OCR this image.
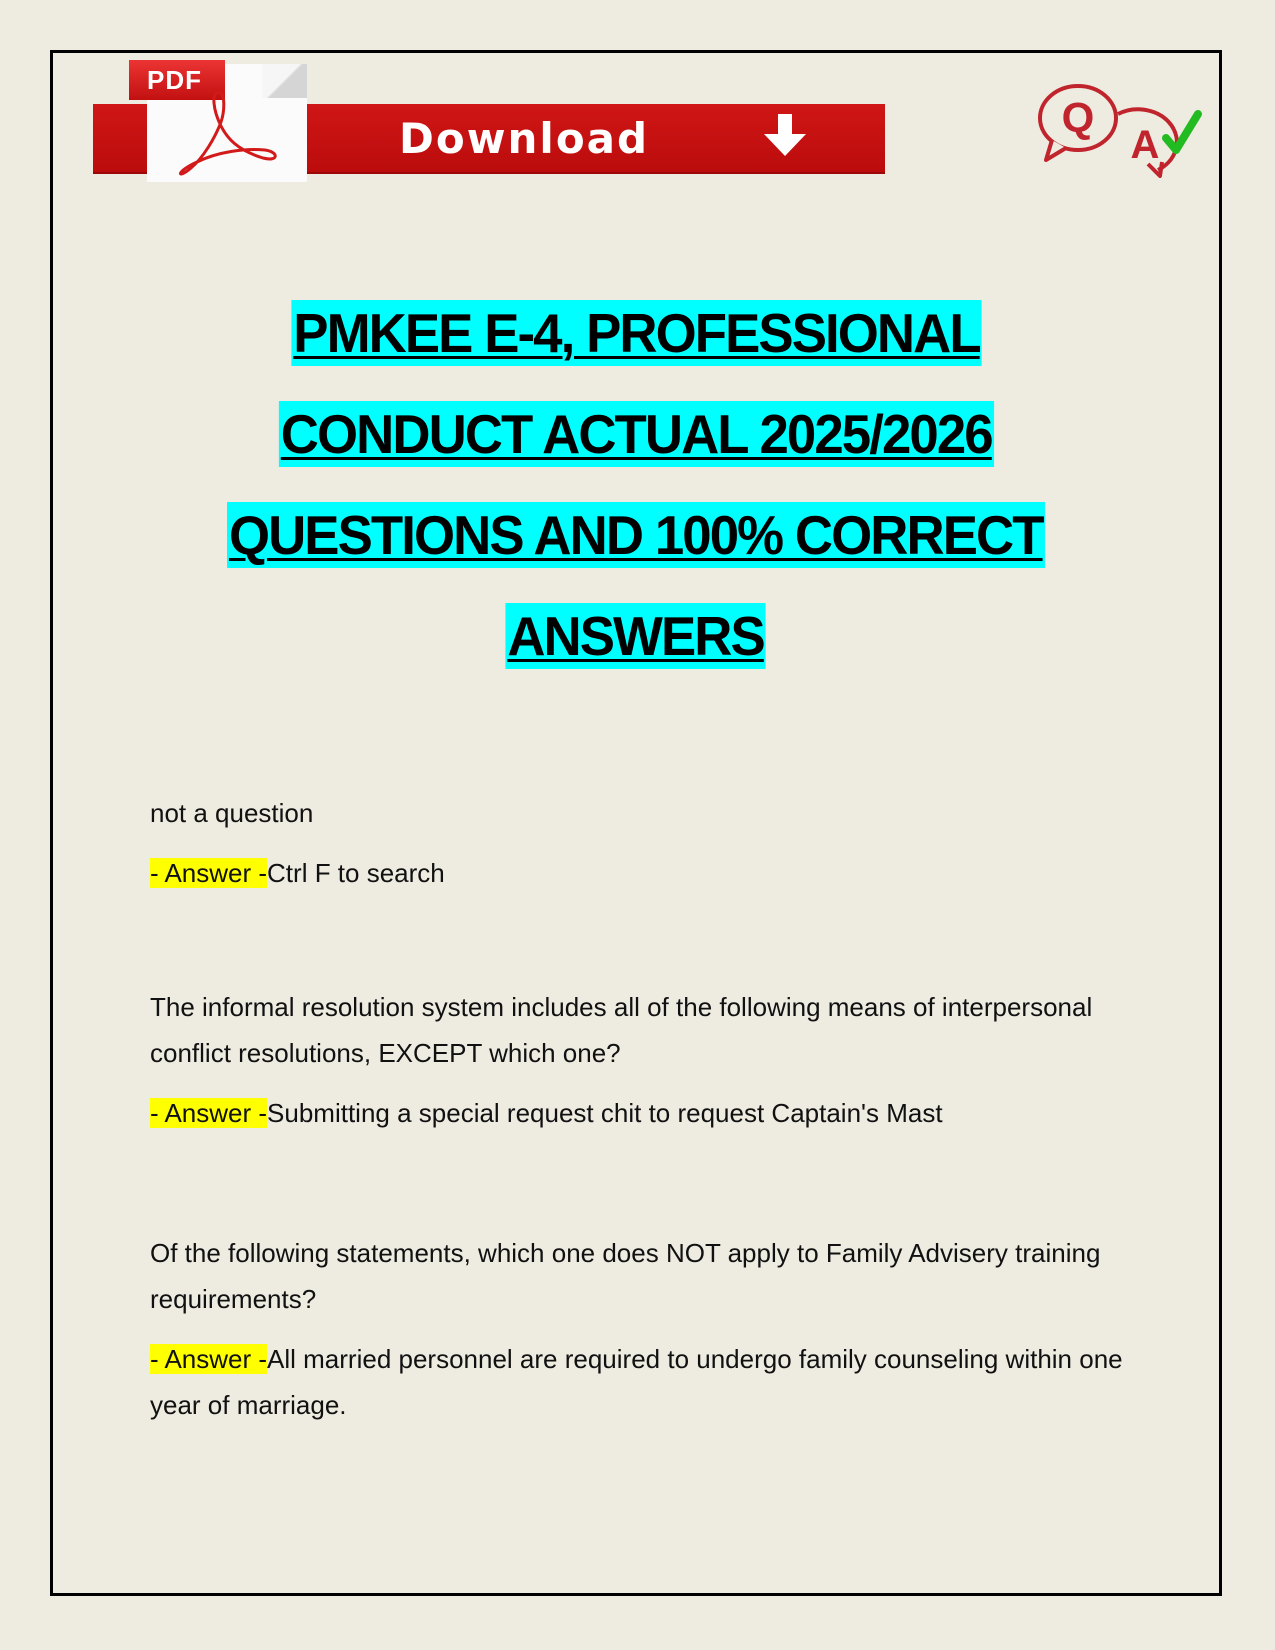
PDF
Download	Q
A
PMKEE E-4, PROFESSIONAL
CONDUCT ACTUAL 2025/2026
QUESTIONS AND 100% CORRECT
ANSWERS

not a question

- Answer -Ctrl F to search

The informal resolution system includes all of the following means of interpersonal conflict resolutions, EXCEPT which one?

- Answer -Submitting a special request chit to request Captain's Mast

Of the following statements, which one does NOT apply to Family Advisery training requirements?

- Answer -All married personnel are required to undergo family counseling within one year of marriage.
